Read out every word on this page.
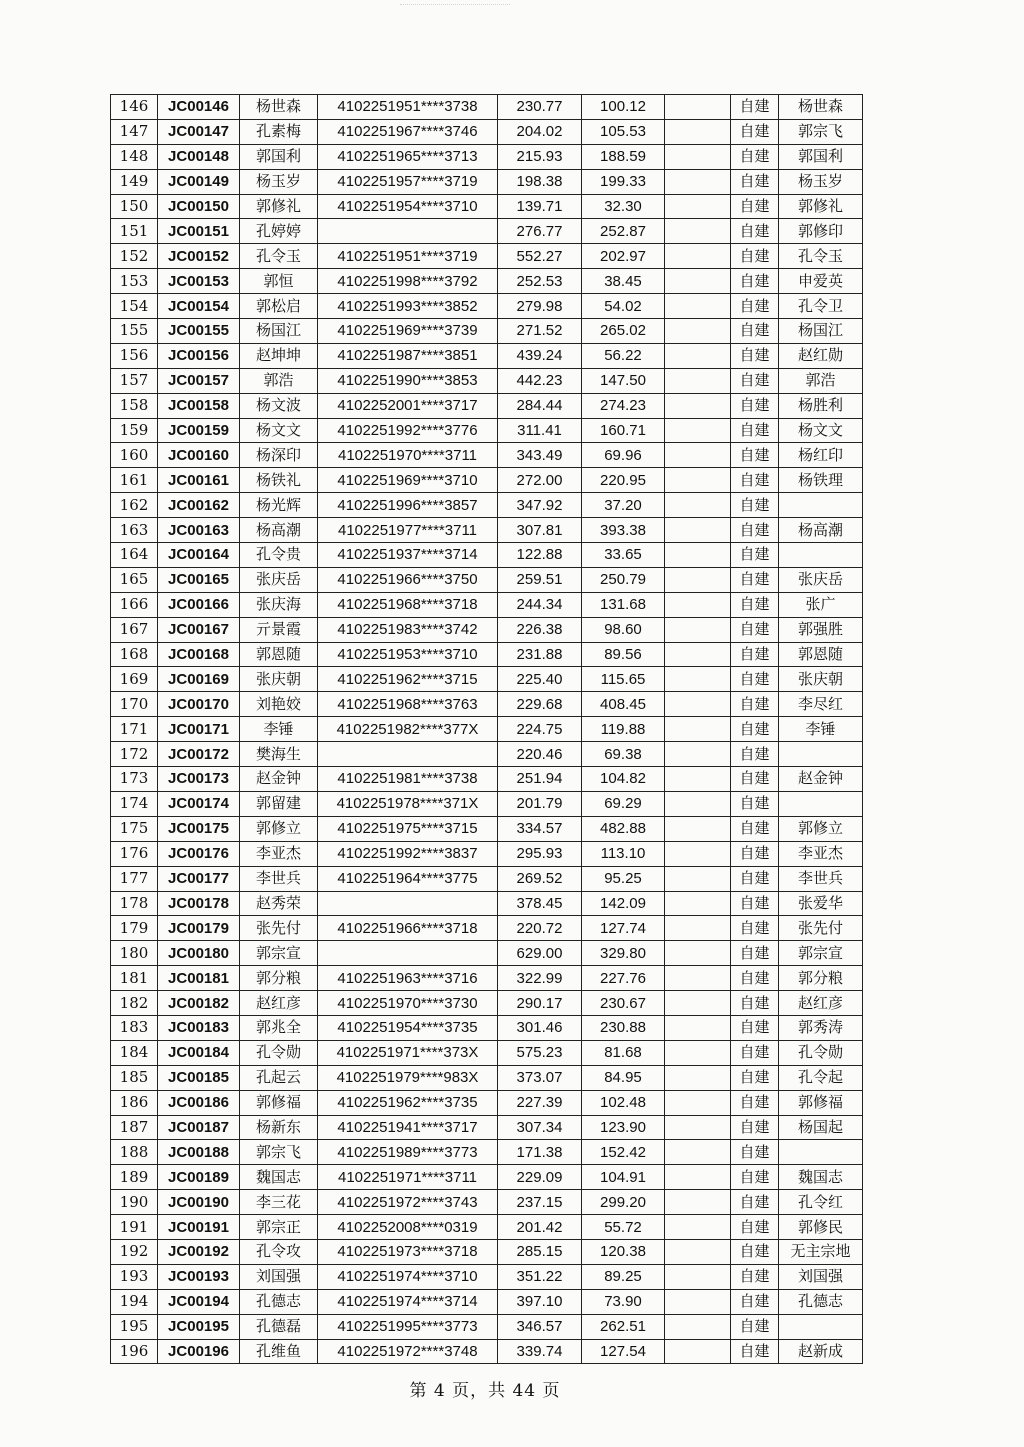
146	JC00146	杨世森	4102251951****3738	230.77	100.12		自建	杨世森
147	JC00147	孔素梅	4102251967****3746	204.02	105.53		自建	郭宗飞
148	JC00148	郭国利	4102251965****3713	215.93	188.59		自建	郭国利
149	JC00149	杨玉岁	4102251957****3719	198.38	199.33		自建	杨玉岁
150	JC00150	郭修礼	4102251954****3710	139.71	32.30		自建	郭修礼
151	JC00151	孔婷婷		276.77	252.87		自建	郭修印
152	JC00152	孔令玉	4102251951****3719	552.27	202.97		自建	孔令玉
153	JC00153	郭恒	4102251998****3792	252.53	38.45		自建	申爱英
154	JC00154	郭松启	4102251993****3852	279.98	54.02		自建	孔令卫
155	JC00155	杨国江	4102251969****3739	271.52	265.02		自建	杨国江
156	JC00156	赵坤坤	4102251987****3851	439.24	56.22		自建	赵红勋
157	JC00157	郭浩	4102251990****3853	442.23	147.50		自建	郭浩
158	JC00158	杨文波	4102252001****3717	284.44	274.23		自建	杨胜利
159	JC00159	杨文文	4102251992****3776	311.41	160.71		自建	杨文文
160	JC00160	杨深印	4102251970****3711	343.49	69.96		自建	杨红印
161	JC00161	杨铁礼	4102251969****3710	272.00	220.95		自建	杨铁理
162	JC00162	杨光辉	4102251996****3857	347.92	37.20		自建	
163	JC00163	杨高潮	4102251977****3711	307.81	393.38		自建	杨高潮
164	JC00164	孔令贵	4102251937****3714	122.88	33.65		自建	
165	JC00165	张庆岳	4102251966****3750	259.51	250.79		自建	张庆岳
166	JC00166	张庆海	4102251968****3718	244.34	131.68		自建	张广
167	JC00167	亓景霞	4102251983****3742	226.38	98.60		自建	郭强胜
168	JC00168	郭恩随	4102251953****3710	231.88	89.56		自建	郭恩随
169	JC00169	张庆朝	4102251962****3715	225.40	115.65		自建	张庆朝
170	JC00170	刘艳姣	4102251968****3763	229.68	408.45		自建	李尽红
171	JC00171	李锤	4102251982****377X	224.75	119.88		自建	李锤
172	JC00172	樊海生		220.46	69.38		自建	
173	JC00173	赵金钟	4102251981****3738	251.94	104.82		自建	赵金钟
174	JC00174	郭留建	4102251978****371X	201.79	69.29		自建	
175	JC00175	郭修立	4102251975****3715	334.57	482.88		自建	郭修立
176	JC00176	李亚杰	4102251992****3837	295.93	113.10		自建	李亚杰
177	JC00177	李世兵	4102251964****3775	269.52	95.25		自建	李世兵
178	JC00178	赵秀荣		378.45	142.09		自建	张爱华
179	JC00179	张先付	4102251966****3718	220.72	127.74		自建	张先付
180	JC00180	郭宗宣		629.00	329.80		自建	郭宗宣
181	JC00181	郭分粮	4102251963****3716	322.99	227.76		自建	郭分粮
182	JC00182	赵红彦	4102251970****3730	290.17	230.67		自建	赵红彦
183	JC00183	郭兆全	4102251954****3735	301.46	230.88		自建	郭秀涛
184	JC00184	孔令勋	4102251971****373X	575.23	81.68		自建	孔令勋
185	JC00185	孔起云	4102251979****983X	373.07	84.95		自建	孔令起
186	JC00186	郭修福	4102251962****3735	227.39	102.48		自建	郭修福
187	JC00187	杨新东	4102251941****3717	307.34	123.90		自建	杨国起
188	JC00188	郭宗飞	4102251989****3773	171.38	152.42		自建	
189	JC00189	魏国志	4102251971****3711	229.09	104.91		自建	魏国志
190	JC00190	李三花	4102251972****3743	237.15	299.20		自建	孔令红
191	JC00191	郭宗正	4102252008****0319	201.42	55.72		自建	郭修民
192	JC00192	孔令攻	4102251973****3718	285.15	120.38		自建	无主宗地
193	JC00193	刘国强	4102251974****3710	351.22	89.25		自建	刘国强
194	JC00194	孔德志	4102251974****3714	397.10	73.90		自建	孔德志
195	JC00195	孔德磊	4102251995****3773	346.57	262.51		自建	
196	JC00196	孔维鱼	4102251972****3748	339.74	127.54		自建	赵新成
第 4 页，共 44 页
